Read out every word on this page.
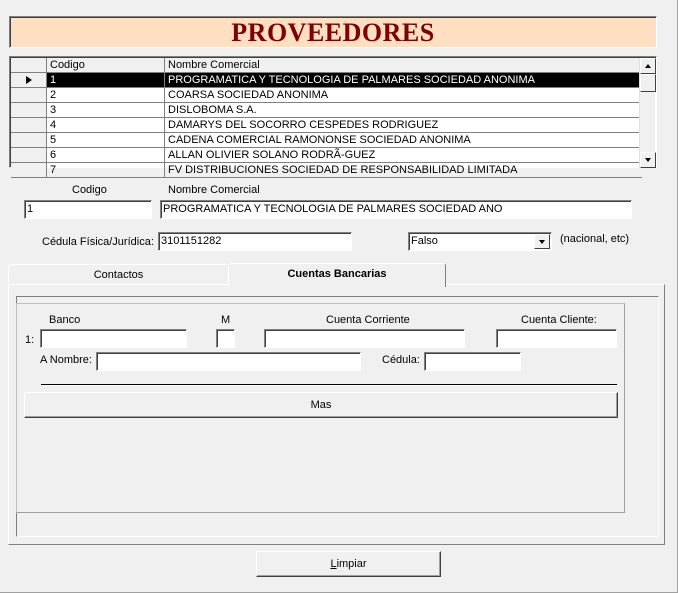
PROVEEDORES
Codigo	Nombre Comercial
1	PROGRAMATICA Y TECNOLOGIA DE PALMARES SOCIEDAD ANONIMA
2	COARSA SOCIEDAD ANONIMA
3	DISLOBOMA S.A.
4	DAMARYS DEL SOCORRO CESPEDES RODRIGUEZ
5	CADENA COMERCIAL RAMONONSE SOCIEDAD ANONIMA
6	ALLAN OLIVIER SOLANO RODRÃ-GUEZ
7	FV DISTRIBUCIONES SOCIEDAD DE RESPONSABILIDAD LIMITADA
Codigo	Nombre Comercial
1	PROGRAMATICA Y TECNOLOGIA DE PALMARES SOCIEDAD ANO
Cédula Física/Jurídica: 3101151282	Falso	(nacional, etc)
Contactos	Cuentas Bancarias
Banco	M	Cuenta Corriente	Cuenta Cliente:
1:
A Nombre:	Cédula:
Mas
Limpiar
